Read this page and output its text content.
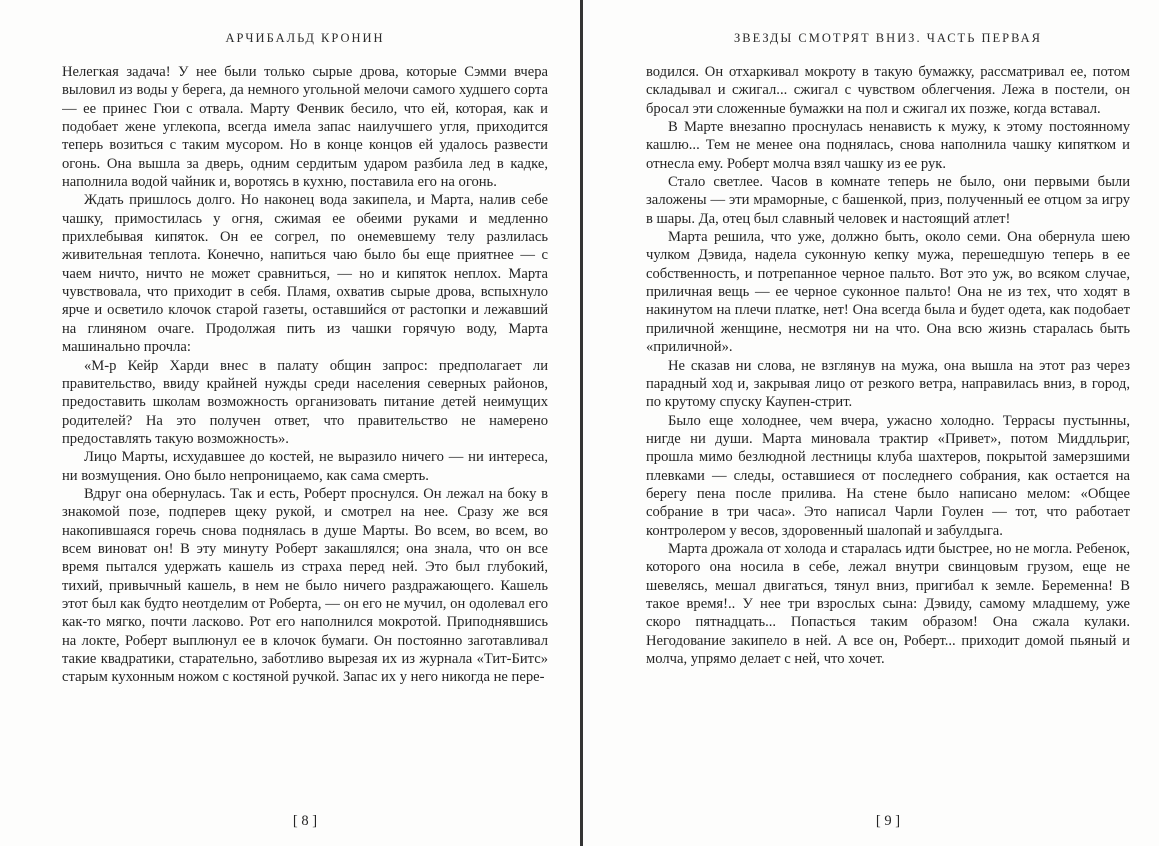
АРЧИБАЛЬД КРОНИН

Нелегкая задача! У нее были только сырые дрова, которые Сэмми вчера выловил из воды у берега, да немного угольной мелочи самого худшего сорта — ее принес Гюи с отвала. Марту Фенвик бесило, что ей, которая, как и подобает жене углекопа, всегда имела запас наилучшего угля, приходится теперь возиться с таким мусором. Но в конце концов ей удалось развести огонь. Она вышла за дверь, одним сердитым ударом разбила лед в кадке, наполнила водой чайник и, воротясь в кухню, поставила его на огонь.

Ждать пришлось долго. Но наконец вода закипела, и Марта, налив себе чашку, примостилась у огня, сжимая ее обеими руками и медленно прихлебывая кипяток. Он ее согрел, по онемевшему телу разлилась живительная теплота. Конечно, напиться чаю было бы еще приятнее — с чаем ничто, ничто не может сравниться, — но и кипяток неплох. Марта чувствовала, что приходит в себя. Пламя, охватив сырые дрова, вспыхнуло ярче и осветило клочок старой газеты, оставшийся от растопки и лежавший на глиняном очаге. Продолжая пить из чашки горячую воду, Марта машинально прочла:

«М-р Кейр Харди внес в палату общин запрос: предполагает ли правительство, ввиду крайней нужды среди населения северных районов, предоставить школам возможность организовать питание детей неимущих родителей? На это получен ответ, что правительство не намерено предоставлять такую возможность».

Лицо Марты, исхудавшее до костей, не выразило ничего — ни интереса, ни возмущения. Оно было непроницаемо, как сама смерть.

Вдруг она обернулась. Так и есть, Роберт проснулся. Он лежал на боку в знакомой позе, подперев щеку рукой, и смотрел на нее. Сразу же вся накопившаяся горечь снова поднялась в душе Марты. Во всем, во всем, во всем виноват он! В эту минуту Роберт закашлялся; она знала, что он все время пытался удержать кашель из страха перед ней. Это был глубокий, тихий, привычный кашель, в нем не было ничего раздражающего. Кашель этот был как будто неотделим от Роберта, — он его не мучил, он одолевал его как-то мягко, почти ласково. Рот его наполнился мокротой. Приподнявшись на локте, Роберт выплюнул ее в клочок бумаги. Он постоянно заготавливал такие квадратики, старательно, заботливо вырезая их из журнала «Тит-Битс» старым кухонным ножом с костяной ручкой. Запас их у него никогда не пере-

[ 8 ]
ЗВЕЗДЫ СМОТРЯТ ВНИЗ. ЧАСТЬ ПЕРВАЯ

водился. Он отхаркивал мокроту в такую бумажку, рассматривал ее, потом складывал и сжигал... сжигал с чувством облегчения. Лежа в постели, он бросал эти сложенные бумажки на пол и сжигал их позже, когда вставал.

В Марте внезапно проснулась ненависть к мужу, к этому постоянному кашлю... Тем не менее она поднялась, снова наполнила чашку кипятком и отнесла ему. Роберт молча взял чашку из ее рук.

Стало светлее. Часов в комнате теперь не было, они первыми были заложены — эти мраморные, с башенкой, приз, полученный ее отцом за игру в шары. Да, отец был славный человек и настоящий атлет!

Марта решила, что уже, должно быть, около семи. Она обернула шею чулком Дэвида, надела суконную кепку мужа, перешедшую теперь в ее собственность, и потрепанное черное пальто. Вот это уж, во всяком случае, приличная вещь — ее черное суконное пальто! Она не из тех, что ходят в накинутом на плечи платке, нет! Она всегда была и будет одета, как подобает приличной женщине, несмотря ни на что. Она всю жизнь старалась быть «приличной».

Не сказав ни слова, не взглянув на мужа, она вышла на этот раз через парадный ход и, закрывая лицо от резкого ветра, направилась вниз, в город, по крутому спуску Каупен-стрит.

Было еще холоднее, чем вчера, ужасно холодно. Террасы пустынны, нигде ни души. Марта миновала трактир «Привет», потом Миддльриг, прошла мимо безлюдной лестницы клуба шахтеров, покрытой замерзшими плевками — следы, оставшиеся от последнего собрания, как остается на берегу пена после прилива. На стене было написано мелом: «Общее собрание в три часа». Это написал Чарли Гоулен — тот, что работает контролером у весов, здоровенный шалопай и забулдыга.

Марта дрожала от холода и старалась идти быстрее, но не могла. Ребенок, которого она носила в себе, лежал внутри свинцовым грузом, еще не шевелясь, мешал двигаться, тянул вниз, пригибал к земле. Беременна! В такое время!.. У нее три взрослых сына: Дэвиду, самому младшему, уже скоро пятнадцать... Попасться таким образом! Она сжала кулаки. Негодование закипело в ней. А все он, Роберт... приходит домой пьяный и молча, упрямо делает с ней, что хочет.

[ 9 ]
